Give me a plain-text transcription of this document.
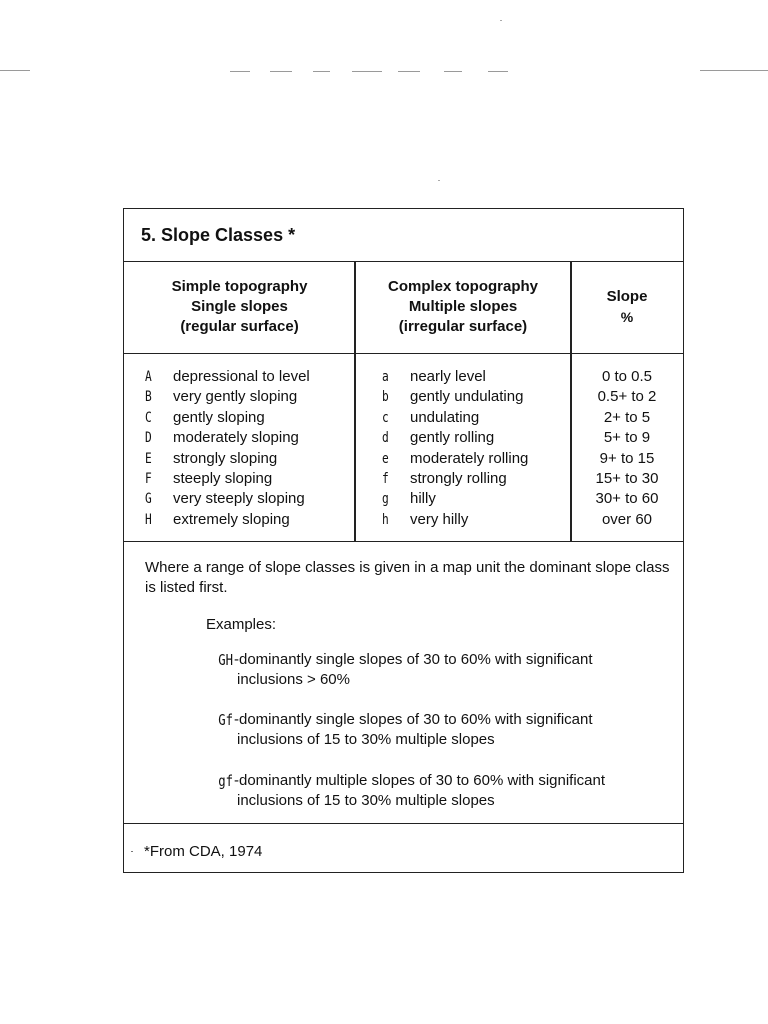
5. Slope Classes *
Simple topography
Single slopes
(regular surface)
Complex topography
Multiple slopes
(irregular surface)
Slope
%
A depressional to level
B very gently sloping
C gently sloping
D moderately sloping
E strongly sloping
F steeply sloping
G very steeply sloping
H extremely sloping
a nearly level
b gently undulating
c undulating
d gently rolling
e moderately rolling
f strongly rolling
g hilly
h very hilly
0 to 0.5
0.5+ to 2
2+ to 5
5+ to 9
9+ to 15
15+ to 30
30+ to 60
over 60
Where a range of slope classes is given in a map unit the dominant slope class is listed first.
Examples:
GH -dominantly single slopes of 30 to 60% with significant
inclusions > 60%
Gf -dominantly single slopes of 30 to 60% with significant
inclusions of 15 to 30% multiple slopes
gf -dominantly multiple slopes of 30 to 60% with significant
inclusions of 15 to 30% multiple slopes
*From CDA, 1974
